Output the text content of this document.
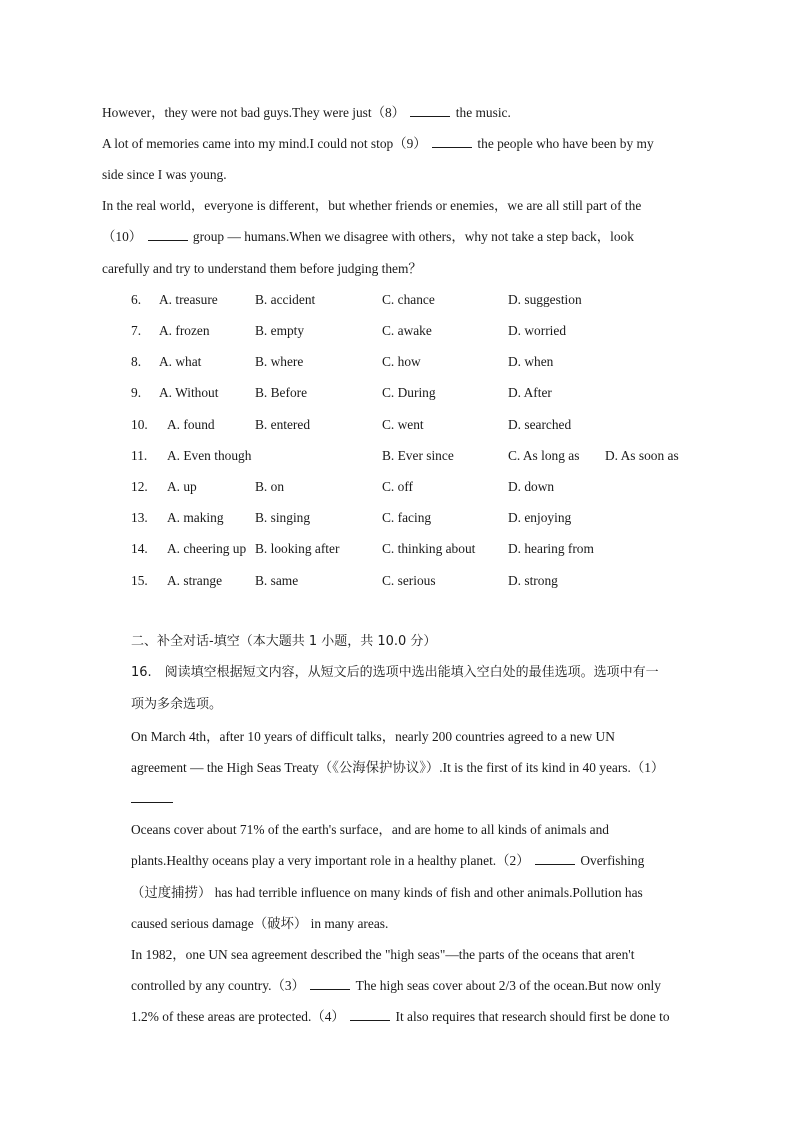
However，they were not bad guys.They were just（8）	the music.
A lot of memories came into my mind.I could not stop（9）	the people who have been by my
side since I was young.
In the real world，everyone is different，but whether friends or enemies，we are all still part of the
（10）	group — humans.When we disagree with others，why not take a step back，look
carefully and try to understand them before judging them？
6. A. treasure	B. accident	C. chance	D. suggestion
7. A. frozen	B. empty	C. awake	D. worried
8. A. what	B. where	C. how	D. when
9. A. Without	B. Before	C. During	D. After
10. A. found	B. entered	C. went	D. searched
11. A. Even though	B. Ever since	C. As long as D. As soon as
12. A. up	B. on	C. off	D. down
13. A. making B. singing	C. facing	D. enjoying
14. A. cheering up B. looking after	C. thinking about D. hearing from
15. A. strange B. same	C. serious	D. strong
二、补全对话-填空（本大题共 1 小题，共 10.0 分）
16.　阅读填空根据短文内容，从短文后的选项中选出能填入空白处的最佳选项。选项中有一
项为多余选项。
On March 4th，after 10 years of difficult talks，nearly 200 countries agreed to a new UN
agreement — the High Seas Treaty（《公海保护协议》）.It is the first of its kind in 40 years.（1）
Oceans cover about 71% of the earth's surface，and are home to all kinds of animals and
plants.Healthy oceans play a very important role in a healthy planet.（2）	Overfishing
（过度捕捞） has had terrible influence on many kinds of fish and other animals.Pollution has
caused serious damage（破坏） in many areas.
In 1982，one UN sea agreement described the "high seas"—the parts of the oceans that aren't
controlled by any country.（3）	The high seas cover about 2/3 of the ocean.But now only
1.2% of these areas are protected.（4）	It also requires that research should first be done to
